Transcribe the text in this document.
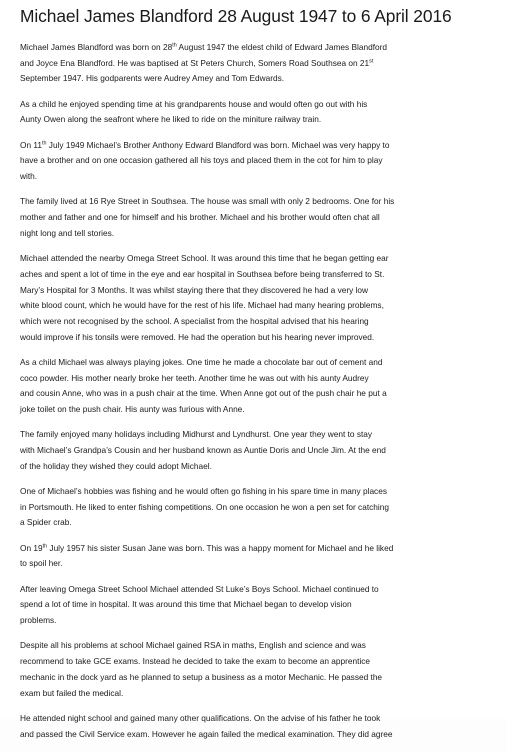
Michael James Blandford 28 August 1947 to 6 April 2016

Michael James Blandford was born on 28th August 1947 the eldest child of Edward James Blandford
and Joyce Ena Blandford. He was baptised at St Peters Church, Somers Road Southsea on 21st
September 1947. His godparents were Audrey Amey and Tom Edwards.

As a child he enjoyed spending time at his grandparents house and would often go out with his
Aunty Owen along the seafront where he liked to ride on the miniture railway train.

On 11th July 1949 Michael’s Brother Anthony Edward Blandford was born. Michael was very happy to
have a brother and on one occasion gathered all his toys and placed them in the cot for him to play
with.

The family lived at 16 Rye Street in Southsea. The house was small with only 2 bedrooms. One for his
mother and father and one for himself and his brother. Michael and his brother would often chat all
night long and tell stories.

Michael attended the nearby Omega Street School. It was around this time that he began getting ear
aches and spent a lot of time in the eye and ear hospital in Southsea before being transferred to St.
Mary’s Hospital for 3 Months. It was whilst staying there that they discovered he had a very low
white blood count, which he would have for the rest of his life. Michael had many hearing problems,
which were not recognised by the school. A specialist from the hospital advised that his hearing
would improve if his tonsils were removed. He had the operation but his hearing never improved.

As a child Michael was always playing jokes. One time he made a chocolate bar out of cement and
coco powder. His mother nearly broke her teeth. Another time he was out with his aunty Audrey
and cousin Anne, who was in a push chair at the time. When Anne got out of the push chair he put a
joke toilet on the push chair. His aunty was furious with Anne.

The family enjoyed many holidays including Midhurst and Lyndhurst. One year they went to stay
with Michael’s Grandpa’s Cousin and her husband known as Auntie Doris and Uncle Jim. At the end
of the holiday they wished they could adopt Michael.

One of Michael’s hobbies was fishing and he would often go fishing in his spare time in many places
in Portsmouth. He liked to enter fishing competitions. On one occasion he won a pen set for catching
a Spider crab.

On 19th July 1957 his sister Susan Jane was born. This was a happy moment for Michael and he liked
to spoil her.

After leaving Omega Street School Michael attended St Luke’s Boys School. Michael continued to
spend a lot of time in hospital. It was around this time that Michael began to develop vision
problems.

Despite all his problems at school Michael gained RSA in maths, English and science and was
recommend to take GCE exams. Instead he decided to take the exam to become an apprentice
mechanic in the dock yard as he planned to setup a business as a motor Mechanic. He passed the
exam but failed the medical.

He attended night school and gained many other qualifications. On the advise of his father he took
and passed the Civil Service exam. However he again failed the medical examination. They did agree
